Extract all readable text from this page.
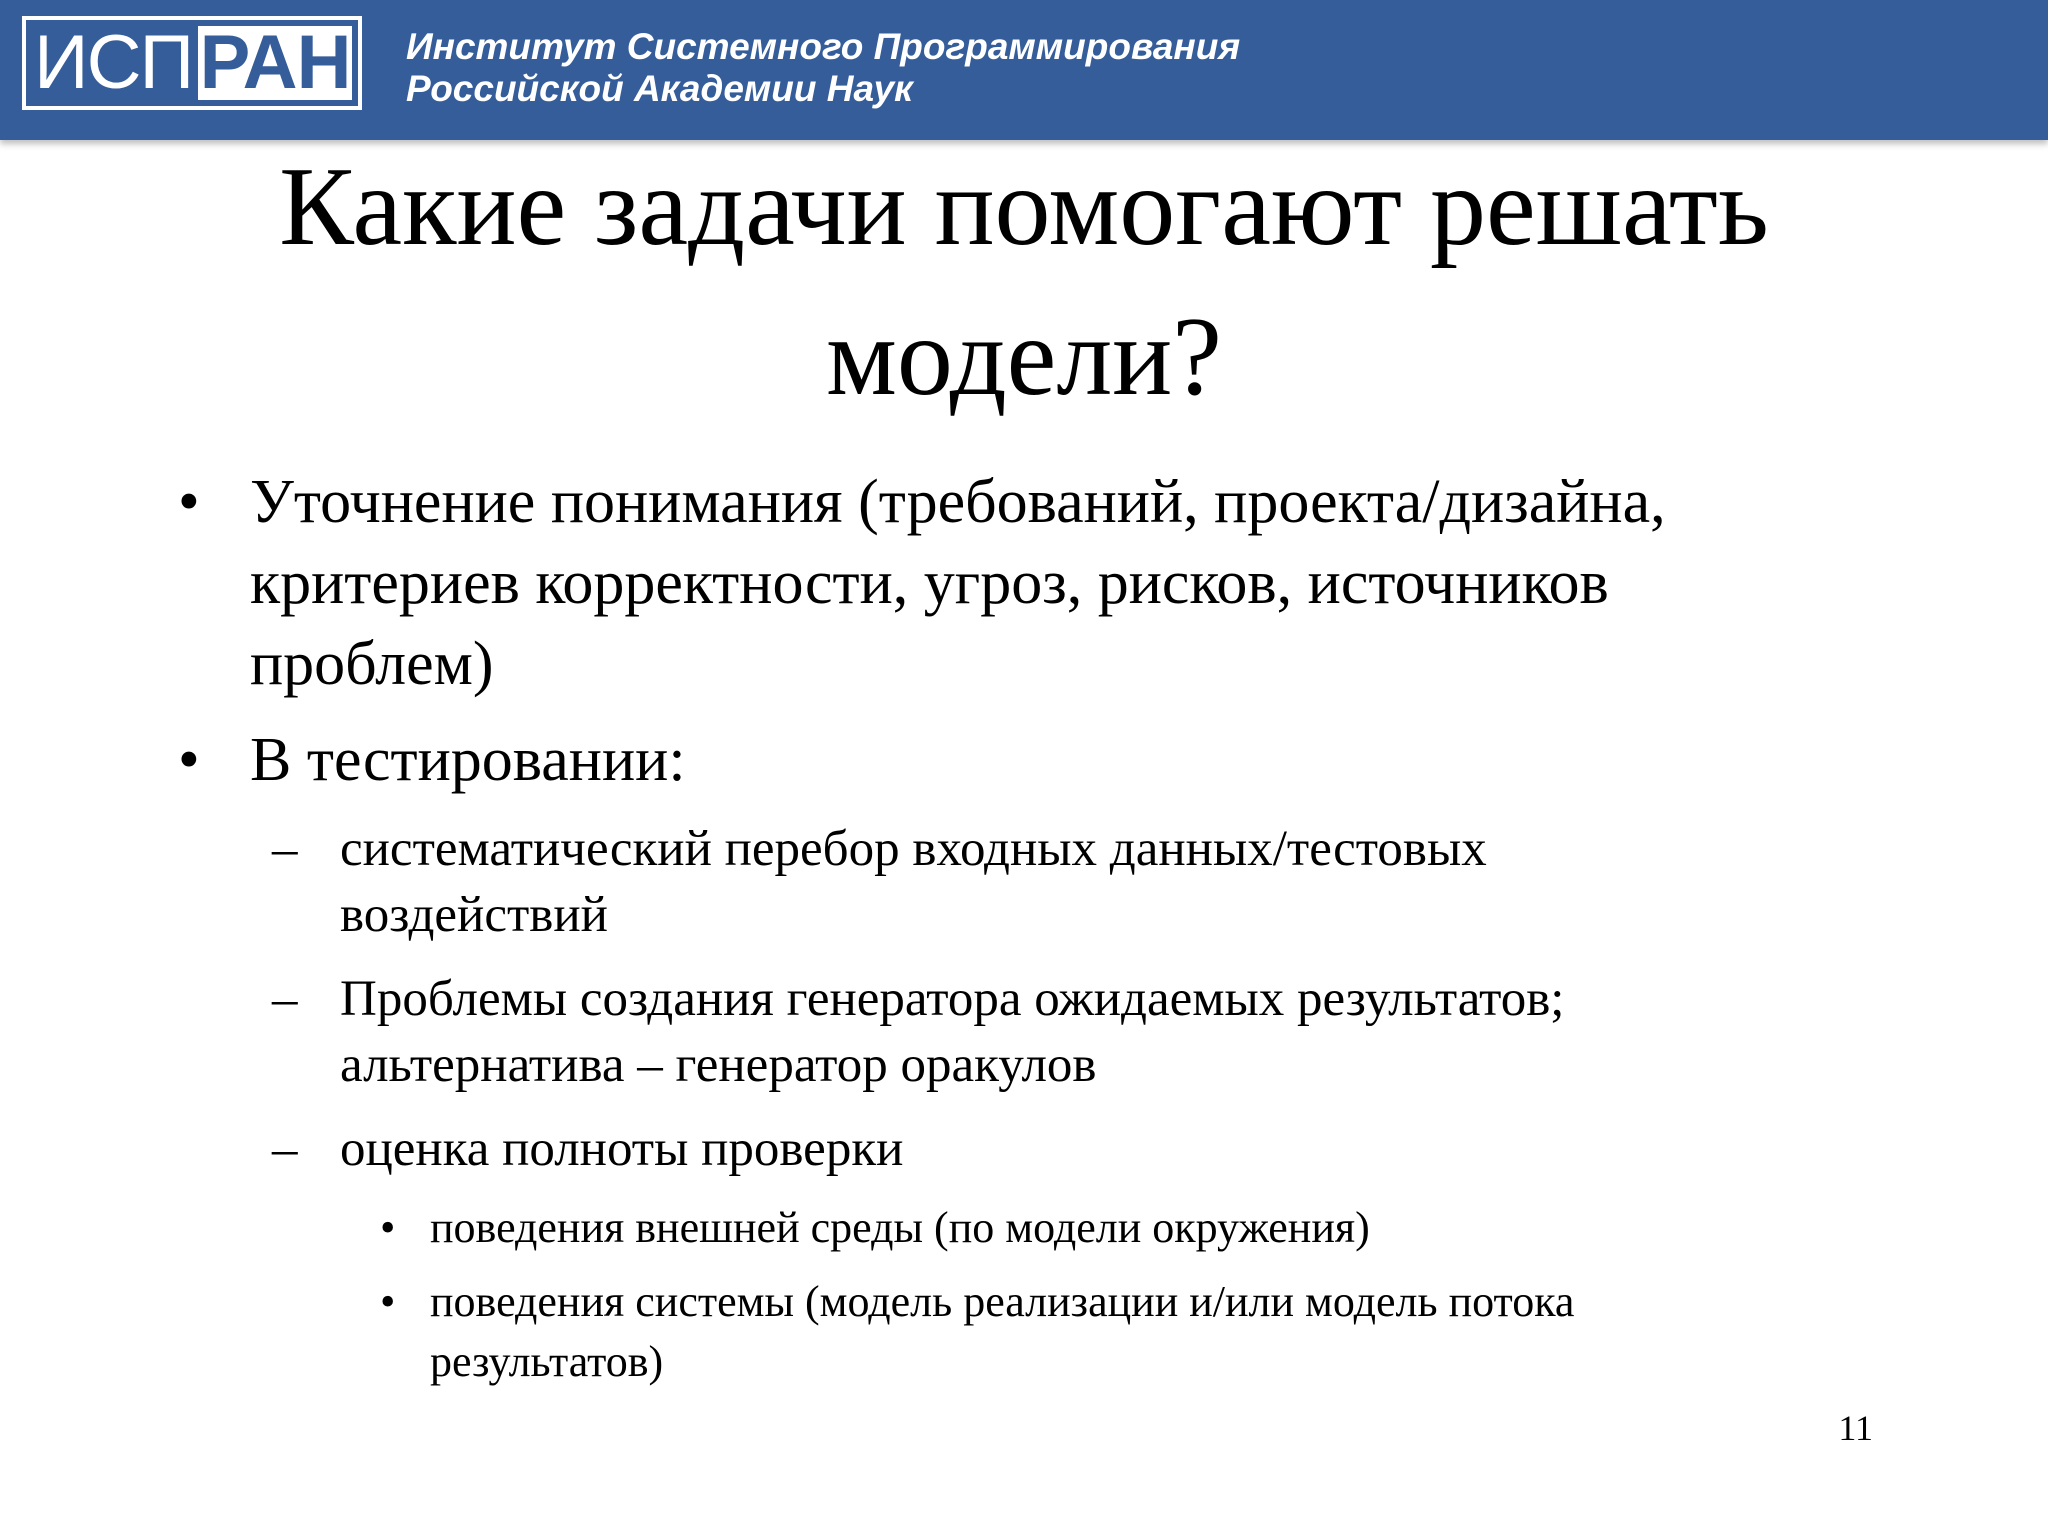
ИСП РАН Институт Системного Программирования
Российской Академии Наук
Какие задачи помогают решать
модели?
• Уточнение понимания (требований, проекта/дизайна,
критериев корректности, угроз, рисков, источников
проблем)
• В тестировании:
– систематический перебор входных данных/тестовых
воздействий
– Проблемы создания генератора ожидаемых результатов;
альтернатива – генератор оракулов
– оценка полноты проверки
• поведения внешней среды (по модели окружения)
• поведения системы (модель реализации и/или модель потока
результатов)
11
